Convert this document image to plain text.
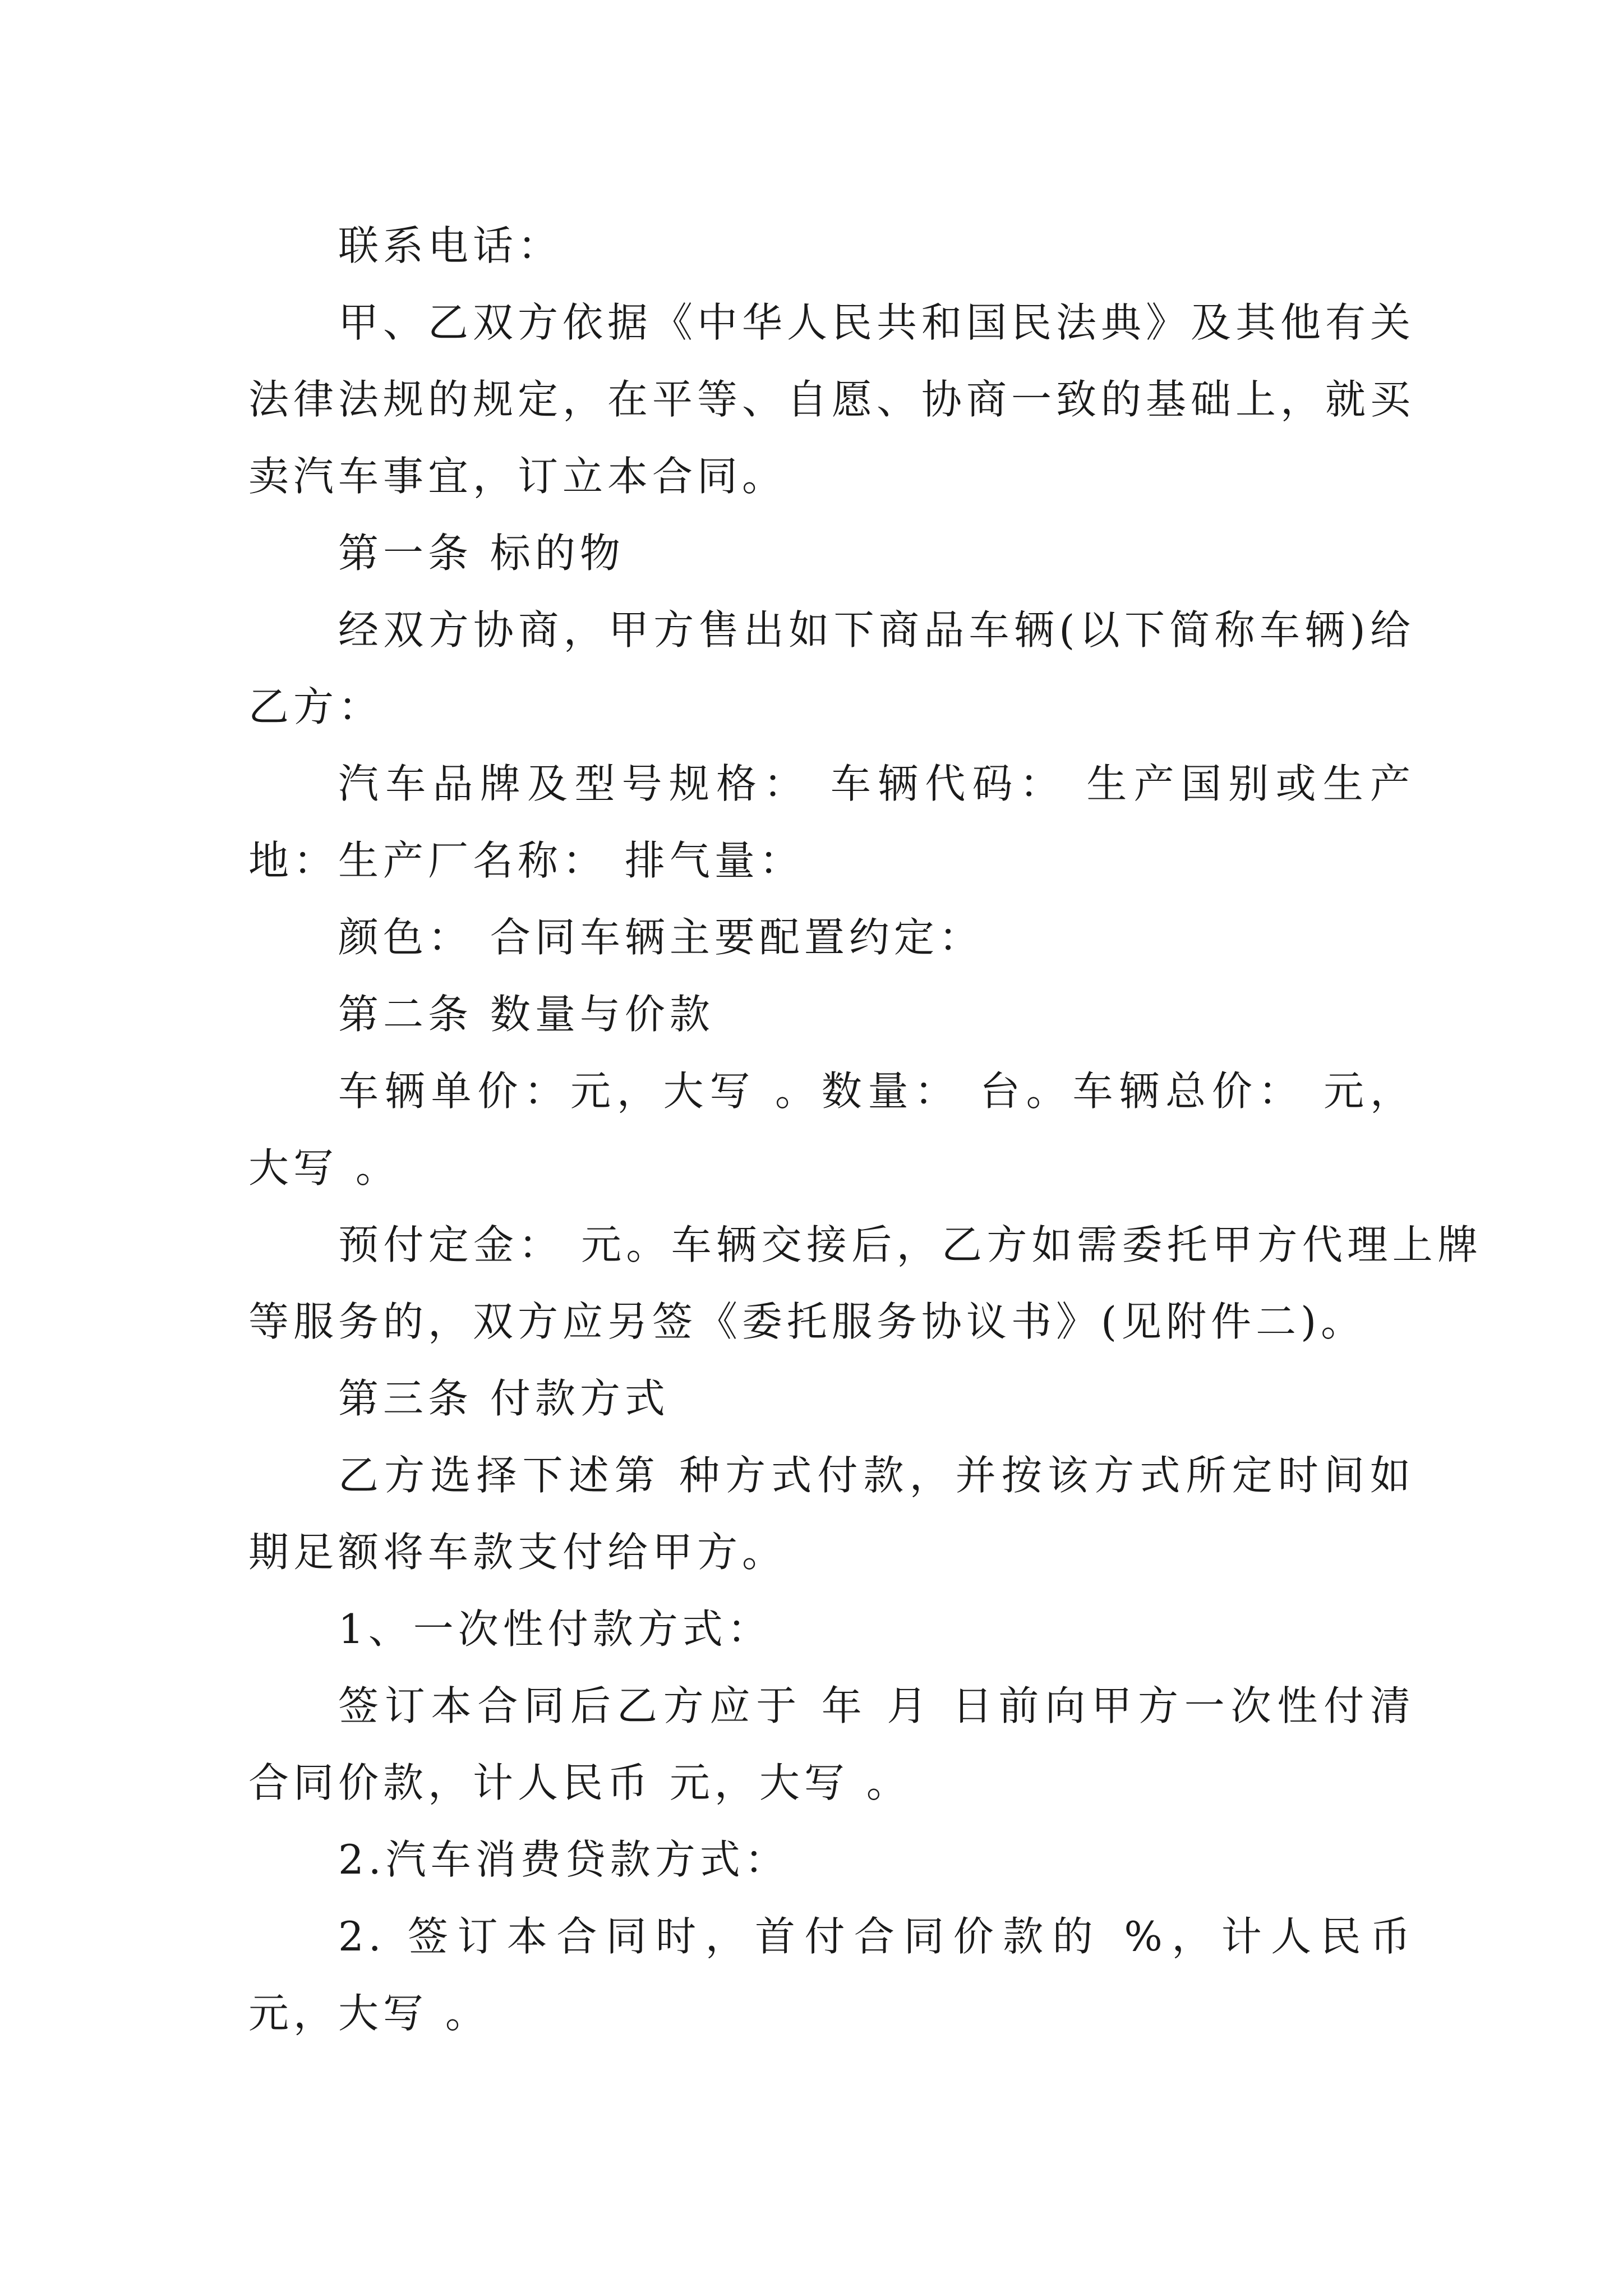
联系电话：

甲、乙双方依据《中华人民共和国民法典》及其他有关法律法规的规定，在平等、自愿、协商一致的基础上，就买卖汽车事宜，订立本合同。

第一条 标的物

经双方协商，甲方售出如下商品车辆(以下简称车辆)给乙方：

汽车品牌及型号规格： 车辆代码： 生产国别或生产地：生产厂名称： 排气量：

颜色： 合同车辆主要配置约定：

第二条 数量与价款

车辆单价：元，大写 。数量： 台。车辆总价： 元，大写 。

预付定金： 元。车辆交接后，乙方如需委托甲方代理上牌等服务的，双方应另签《委托服务协议书》(见附件二)。

第三条 付款方式

乙方选择下述第 种方式付款，并按该方式所定时间如期足额将车款支付给甲方。

1、一次性付款方式：

签订本合同后乙方应于 年 月 日前向甲方一次性付清合同价款，计人民币 元，大写 。

2.汽车消费贷款方式：

2. 签订本合同时，首付合同价款的 %，计人民币 元，大写 。
